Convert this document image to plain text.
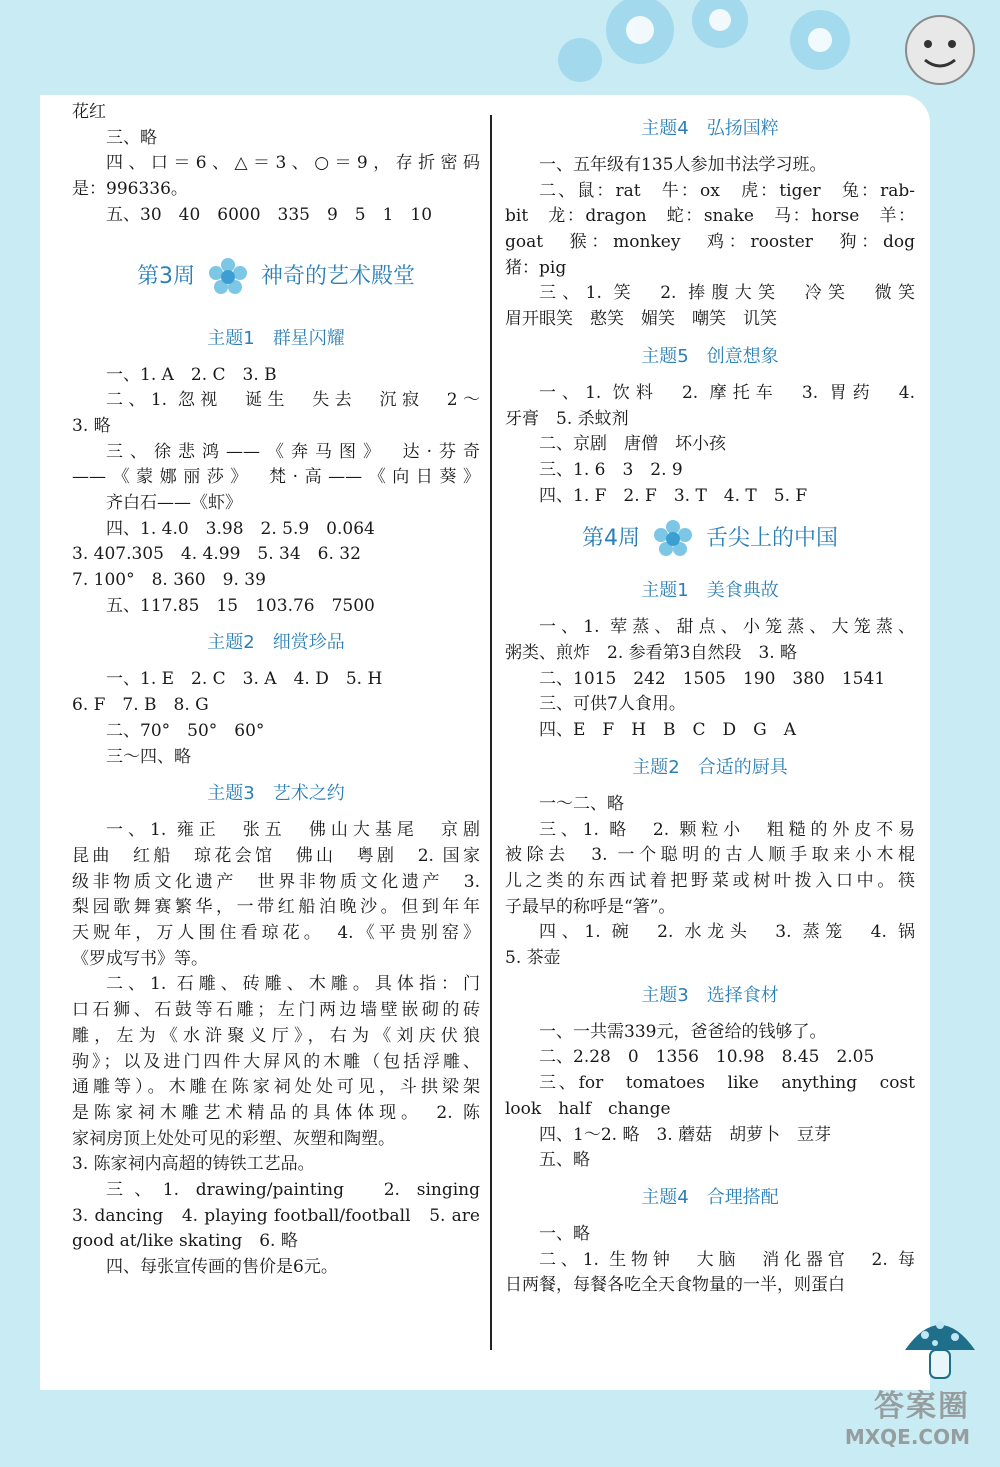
花红
三、略
四、口＝6、△＝3、○＝9，存折密码
是：996336。
五、30　40　6000　335　9　5　1　10
第3周	神奇的艺术殿堂
主题1　群星闪耀
一、1. A　2. C　3. B
二、1. 忽视　诞生　失去　沉寂　2～
3. 略
三、徐悲鸿——《奔马图》　达·芬奇
——《蒙娜丽莎》　梵·高——《向日葵》
齐白石——《虾》
四、1. 4.0　3.98　2. 5.9　0.064
3. 407.305　4. 4.99　5. 34　6. 32
7. 100°　8. 360　9. 39
五、117.85　15　103.76　7500
主题2　细赏珍品
一、1. E　2. C　3. A　4. D　5. H
6. F　7. B　8. G
二、70°　50°　60°
三～四、略
主题3　艺术之约
一、1. 雍正　张五　佛山大基尾　京剧
昆曲　红船　琼花会馆　佛山　粤剧　2. 国家
级非物质文化遗产　世界非物质文化遗产　3.
梨园歌舞赛繁华，一带红船泊晚沙。但到年年
天贶年，万人围住看琼花。　4.《平贵别窑》
《罗成写书》等。
二、1. 石雕、砖雕、木雕。具体指：门
口石狮、石鼓等石雕；左门两边墙壁嵌砌的砖
雕，左为《水浒聚义厅》，右为《刘庆伏狼
驹》；以及进门四件大屏风的木雕（包括浮雕、
通雕等）。木雕在陈家祠处处可见，斗拱梁架
是陈家祠木雕艺术精品的具体体现。　2. 陈
家祠房顶上处处可见的彩塑、灰塑和陶塑。
3. 陈家祠内高超的铸铁工艺品。
三、1. drawing/painting　2. singing
3. dancing　4. playing football/football　5. are
good at/like skating　6. 略
四、每张宣传画的售价是6元。
主题4　弘扬国粹
一、五年级有135人参加书法学习班。
二、鼠：rat　牛：ox　虎：tiger　兔：rab-
bit　龙：dragon　蛇：snake　马：horse　羊：
goat　猴：monkey　鸡：rooster　狗：dog
猪：pig
三、1. 笑　2. 捧腹大笑　冷笑　微笑
眉开眼笑　憨笑　媚笑　嘲笑　讥笑
主题5　创意想象
一、1. 饮料　2. 摩托车　3. 胃药　4.
牙膏　5. 杀蚊剂
二、京剧　唐僧　坏小孩
三、1. 6　3　2. 9
四、1. F　2. F　3. T　4. T　5. F
第4周	舌尖上的中国
主题1　美食典故
一、1. 荤蒸、甜点、小笼蒸、大笼蒸、
粥类、煎炸　2. 参看第3自然段　3. 略
二、1015　242　1505　190　380　1541
三、可供7人食用。
四、E　F　H　B　C　D　G　A
主题2　合适的厨具
一～二、略
三、1. 略　2. 颗粒小　粗糙的外皮不易
被除去　3. 一个聪明的古人顺手取来小木棍
儿之类的东西试着把野菜或树叶拨入口中。筷
子最早的称呼是“箸”。
四、1. 碗　2. 水龙头　3. 蒸笼　4. 锅
5. 茶壶
主题3　选择食材
一、一共需339元，爸爸给的钱够了。
二、2.28　0　1356　10.98　8.45　2.05
三、for　tomatoes　like　anything　cost
look　half　change
四、1～2. 略　3. 蘑菇　胡萝卜　豆芽
五、略
主题4　合理搭配
一、略
二、1. 生物钟　大脑　消化器官　2. 每
日两餐，每餐各吃全天食物量的一半，则蛋白
答案圈
MXQE.COM
